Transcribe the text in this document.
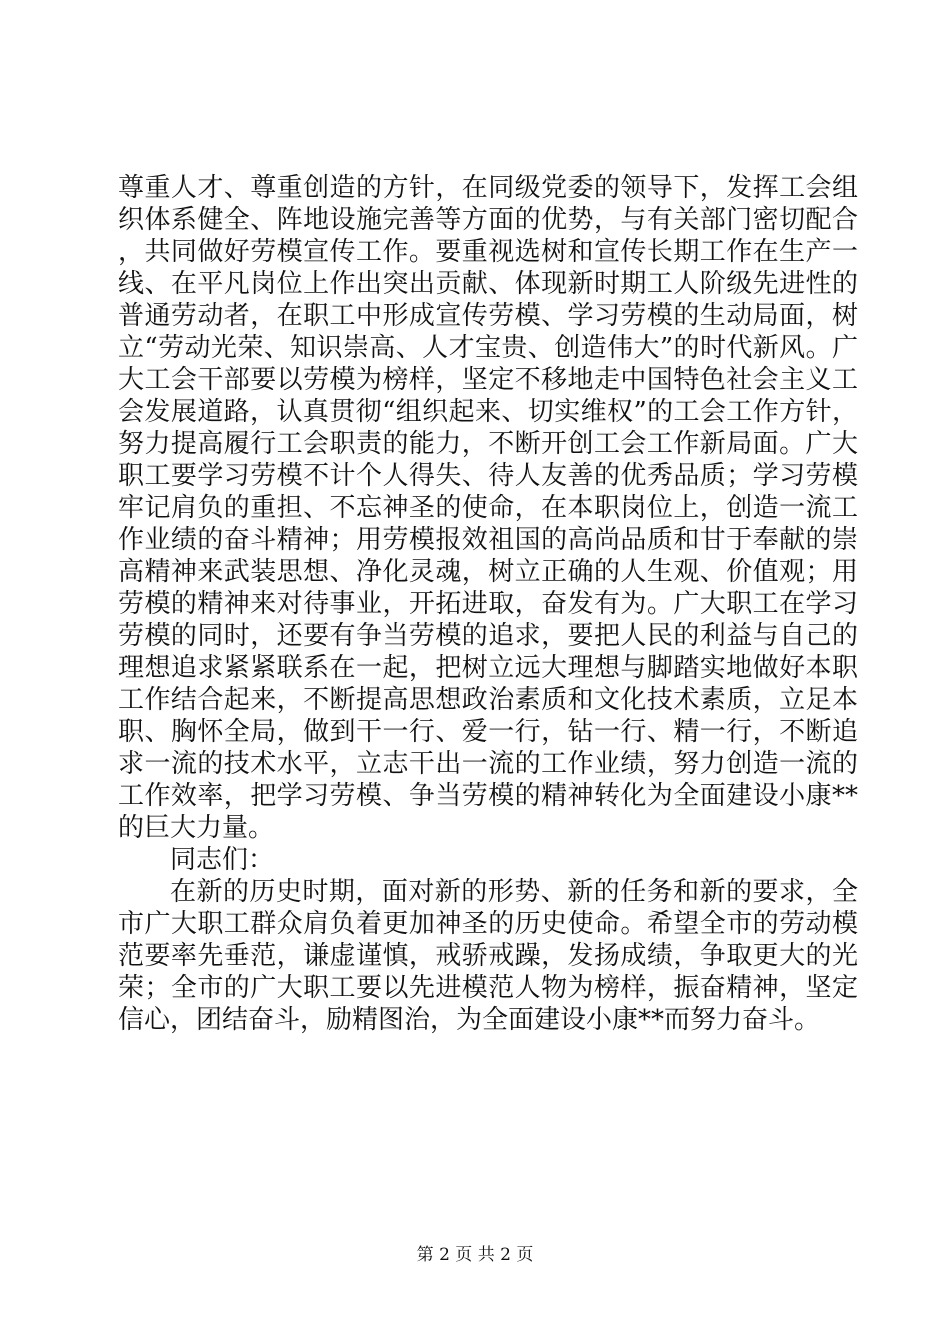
尊重人才、尊重创造的方针，在同级党委的领导下，发挥工会组织体系健全、阵地设施完善等方面的优势，与有关部门密切配合，共同做好劳模宣传工作。要重视选树和宣传长期工作在生产一线、在平凡岗位上作出突出贡献、体现新时期工人阶级先进性的普通劳动者，在职工中形成宣传劳模、学习劳模的生动局面，树立“劳动光荣、知识崇高、人才宝贵、创造伟大”的时代新风。广大工会干部要以劳模为榜样，坚定不移地走中国特色社会主义工会发展道路，认真贯彻“组织起来、切实维权”的工会工作方针，努力提高履行工会职责的能力，不断开创工会工作新局面。广大职工要学习劳模不计个人得失、待人友善的优秀品质；学习劳模牢记肩负的重担、不忘神圣的使命，在本职岗位上，创造一流工作业绩的奋斗精神；用劳模报效祖国的高尚品质和甘于奉献的崇高精神来武装思想、净化灵魂，树立正确的人生观、价值观；用劳模的精神来对待事业，开拓进取，奋发有为。广大职工在学习劳模的同时，还要有争当劳模的追求，要把人民的利益与自己的理想追求紧紧联系在一起，把树立远大理想与脚踏实地做好本职工作结合起来，不断提高思想政治素质和文化技术素质，立足本职、胸怀全局，做到干一行、爱一行，钻一行、精一行，不断追求一流的技术水平，立志干出一流的工作业绩，努力创造一流的工作效率，把学习劳模、争当劳模的精神转化为全面建设小康**的巨大力量。

同志们：

在新的历史时期，面对新的形势、新的任务和新的要求，全市广大职工群众肩负着更加神圣的历史使命。希望全市的劳动模范要率先垂范，谦虚谨慎，戒骄戒躁，发扬成绩，争取更大的光荣；全市的广大职工要以先进模范人物为榜样，振奋精神，坚定信心，团结奋斗，励精图治，为全面建设小康**而努力奋斗。

第 2 页 共 2 页
